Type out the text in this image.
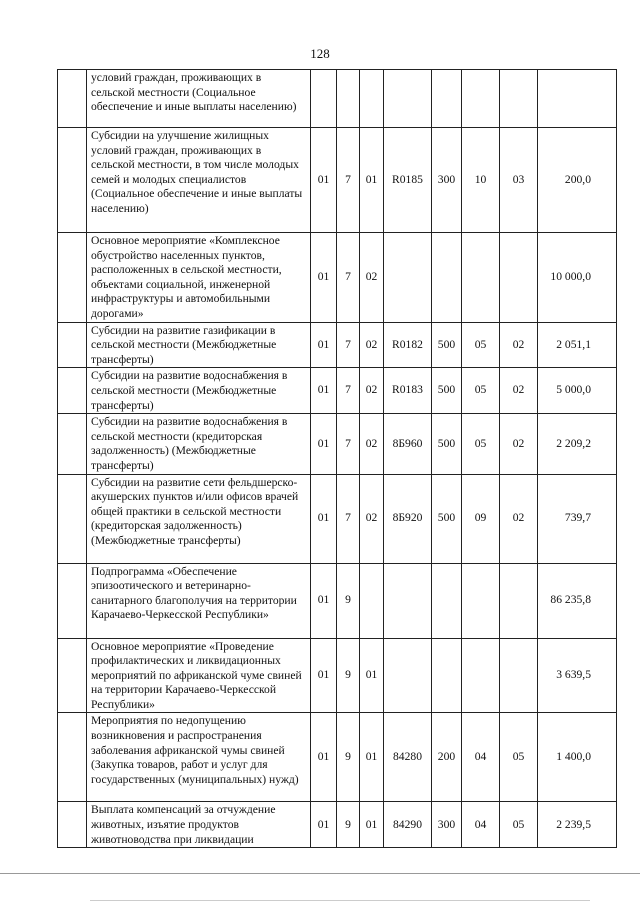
128
	условий граждан, проживающих в сельской местности (Социальное обеспечение и иные выплаты населению)								
	Субсидии на улучшение жилищных условий граждан, проживающих в сельской местности, в том числе молодых семей и молодых специалистов (Социальное обеспечение и иные выплаты населению)	01	7	01	R0185	300	10	03	200,0
	Основное мероприятие «Комплексное обустройство населенных пунктов, расположенных в сельской местности, объектами социальной, инженерной инфраструктуры и автомобильными дорогами»	01	7	02					10 000,0
	Субсидии на развитие газификации в сельской местности (Межбюджетные трансферты)	01	7	02	R0182	500	05	02	2 051,1
	Субсидии на развитие водоснабжения в сельской местности (Межбюджетные трансферты)	01	7	02	R0183	500	05	02	5 000,0
	Субсидии на развитие водоснабжения в сельской местности (кредиторская задолженность) (Межбюджетные трансферты)	01	7	02	8Б960	500	05	02	2 209,2
	Субсидии на развитие сети фельдшерско-акушерских пунктов и/или офисов врачей общей практики в сельской местности (кредиторская задолженность) (Межбюджетные трансферты)	01	7	02	8Б920	500	09	02	739,7
	Подпрограмма «Обеспечение эпизоотического и ветеринарно-санитарного благополучия на территории Карачаево-Черкесской Республики»	01	9						86 235,8
	Основное мероприятие «Проведение профилактических и ликвидационных мероприятий по африканской чуме свиней на территории Карачаево-Черкесской Республики»	01	9	01					3 639,5
	Мероприятия по недопущению возникновения и распространения заболевания африканской чумы свиней (Закупка товаров, работ и услуг для государственных (муниципальных) нужд)	01	9	01	84280	200	04	05	1 400,0
	Выплата компенсаций за отчуждение животных, изъятие продуктов животноводства при ликвидации	01	9	01	84290	300	04	05	2 239,5
